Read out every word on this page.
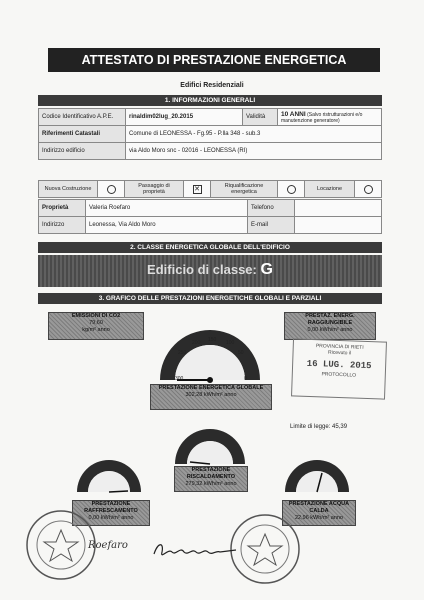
ATTESTATO DI PRESTAZIONE ENERGETICA
Edifici Residenziali
1. INFORMAZIONI GENERALI
Codice Identificativo A.P.E.	rinaldim02lug_20.2015	Validità	10 ANNI (Salvo ristrutturazioni e/o manutenzione generatore)
Riferimenti Catastali	Comune di LEONESSA - Fg.95 - P.lla 348 - sub.3		
Indirizzo edificio	via Aldo Moro snc - 02016 - LEONESSA (RI)		
Nuova Costruzione		Passaggio di proprietà	✕	Riqualificazione energetica		Locazione	
Proprietà	Valeria Roefaro	Telefono	
Indirizzo	Leonessa, Via Aldo Moro	E-mail	
2. CLASSE ENERGETICA GLOBALE DELL'EDIFICIO
Edificio di classe: G
3. GRAFICO DELLE PRESTAZIONI ENERGETICHE GLOBALI E PARZIALI
EMISSIONI DI CO2
79,60
kg/m² anno
PRESTAZ. ENERG. RAGGIUNGIBILE
0,00 kWh/m² anno
PROVINCIA DI RIETI
Ricevuto il
16 LUG. 2015
PROTOCOLLO
300
250
200 150 100
50
0
PRESTAZIONE ENERGETICA GLOBALE
302,28 kWh/m² anno
Limite di legge: 45,39
PRESTAZIONE RISCALDAMENTO
279,32 kWh/m² anno
PRESTAZIONE RAFFRESCAMENTO
0,00 kWh/m² anno
PRESTAZIONE ACQUA CALDA
22,96 kWh/m² anno
Roefaro
